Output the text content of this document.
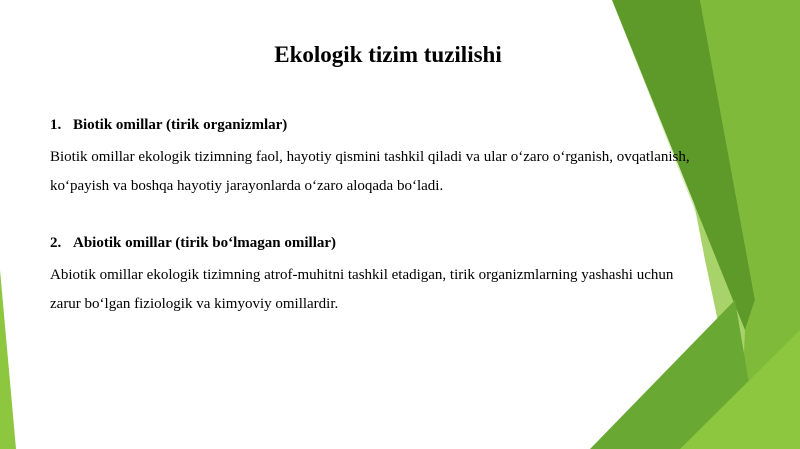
Ekologik tizim tuzilishi
1. Biotik omillar (tirik organizmlar)
Biotik omillar ekologik tizimning faol, hayotiy qismini tashkil qiladi va ular o‘zaro o‘rganish, ovqatlanish, ko‘payish va boshqa hayotiy jarayonlarda o‘zaro aloqada bo‘ladi.
2. Abiotik omillar (tirik bo‘lmagan omillar)
Abiotik omillar ekologik tizimning atrof-muhitni tashkil etadigan, tirik organizmlarning yashashi uchun zarur bo‘lgan fiziologik va kimyoviy omillardir.
